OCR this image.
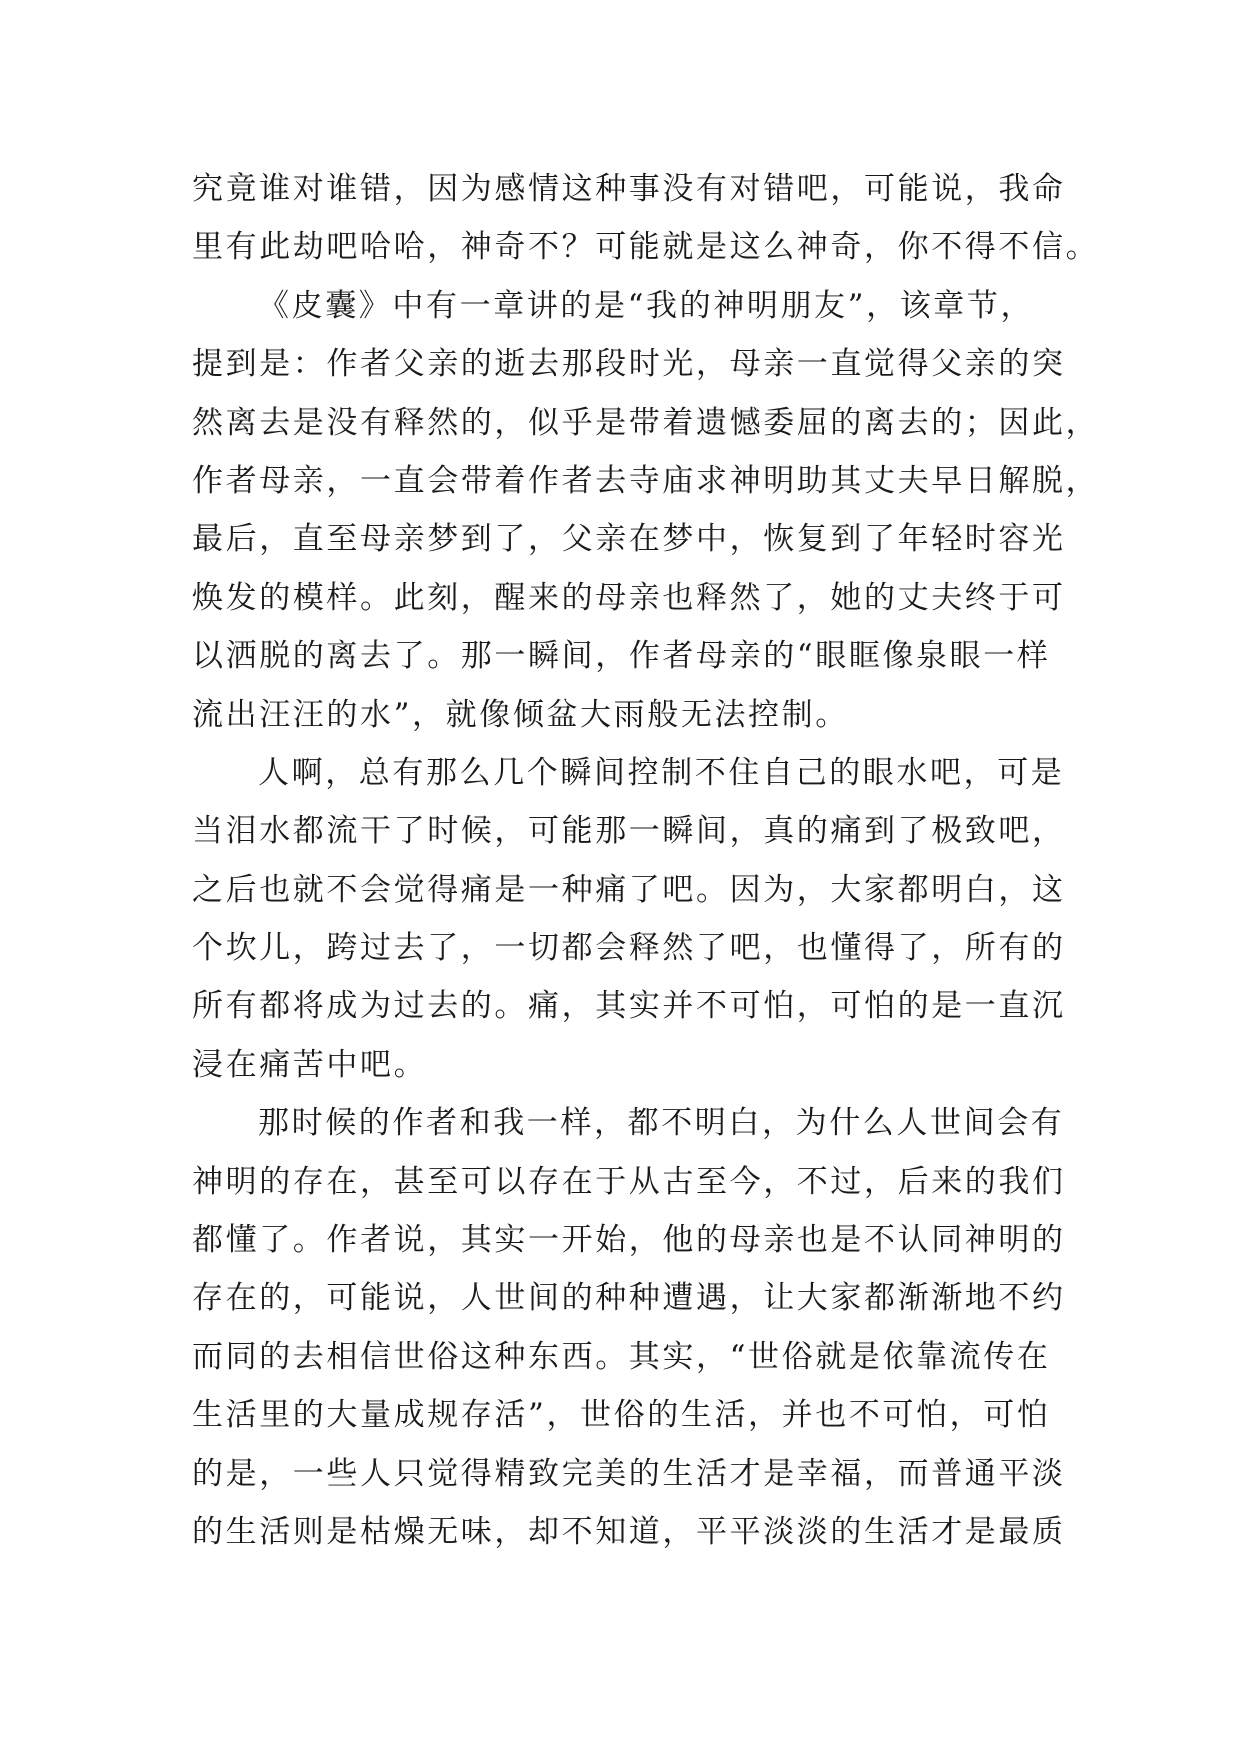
究竟谁对谁错，因为感情这种事没有对错吧，可能说，我命
里有此劫吧哈哈，神奇不？可能就是这么神奇，你不得不信。
《皮囊》中有一章讲的是“我的神明朋友”，该章节，
提到是：作者父亲的逝去那段时光，母亲一直觉得父亲的突
然离去是没有释然的，似乎是带着遗憾委屈的离去的；因此，
作者母亲，一直会带着作者去寺庙求神明助其丈夫早日解脱，
最后，直至母亲梦到了，父亲在梦中，恢复到了年轻时容光
焕发的模样。此刻，醒来的母亲也释然了，她的丈夫终于可
以洒脱的离去了。那一瞬间，作者母亲的“眼眶像泉眼一样
流出汪汪的水”，就像倾盆大雨般无法控制。
人啊，总有那么几个瞬间控制不住自己的眼水吧，可是
当泪水都流干了时候，可能那一瞬间，真的痛到了极致吧，
之后也就不会觉得痛是一种痛了吧。因为，大家都明白，这
个坎儿，跨过去了，一切都会释然了吧，也懂得了，所有的
所有都将成为过去的。痛，其实并不可怕，可怕的是一直沉
浸在痛苦中吧。
那时候的作者和我一样，都不明白，为什么人世间会有
神明的存在，甚至可以存在于从古至今，不过，后来的我们
都懂了。作者说，其实一开始，他的母亲也是不认同神明的
存在的，可能说，人世间的种种遭遇，让大家都渐渐地不约
而同的去相信世俗这种东西。其实，“世俗就是依靠流传在
生活里的大量成规存活”，世俗的生活，并也不可怕，可怕
的是，一些人只觉得精致完美的生活才是幸福，而普通平淡
的生活则是枯燥无味，却不知道，平平淡淡的生活才是最质
